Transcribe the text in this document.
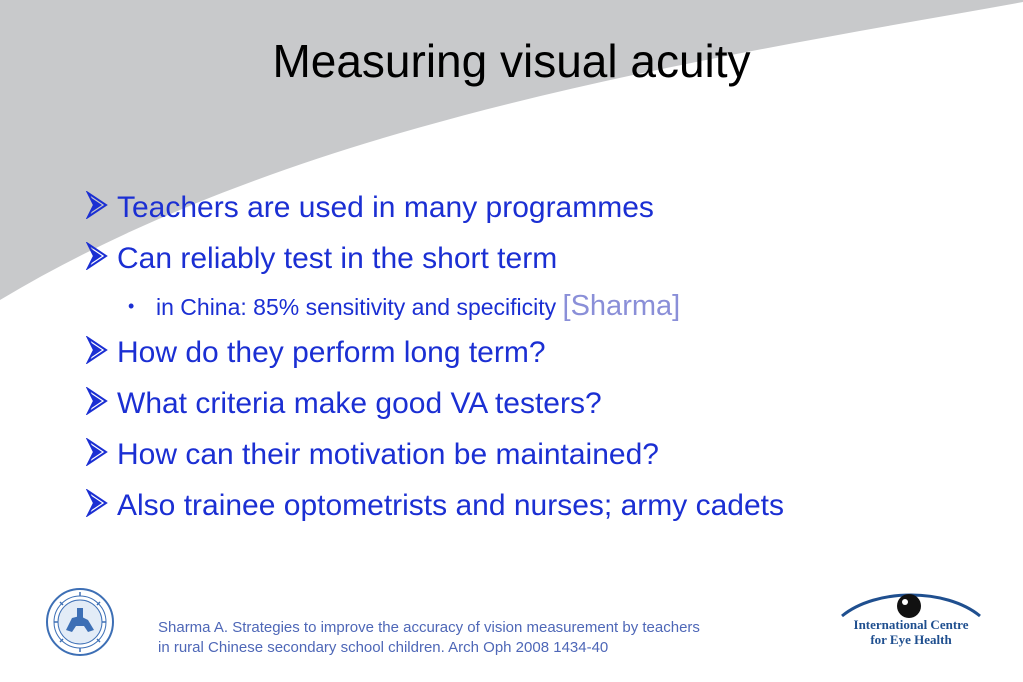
Measuring visual acuity
Teachers are used in many programmes
Can reliably test in the short term
• in China: 85% sensitivity and specificity [Sharma]
How do they perform long term?
What criteria make good VA testers?
How can their motivation be maintained?
Also trainee optometrists and nurses; army cadets
Sharma A. Strategies to improve the accuracy of vision measurement by teachers
in rural Chinese secondary school children. Arch Oph 2008 1434-40
International Centre
for Eye Health
